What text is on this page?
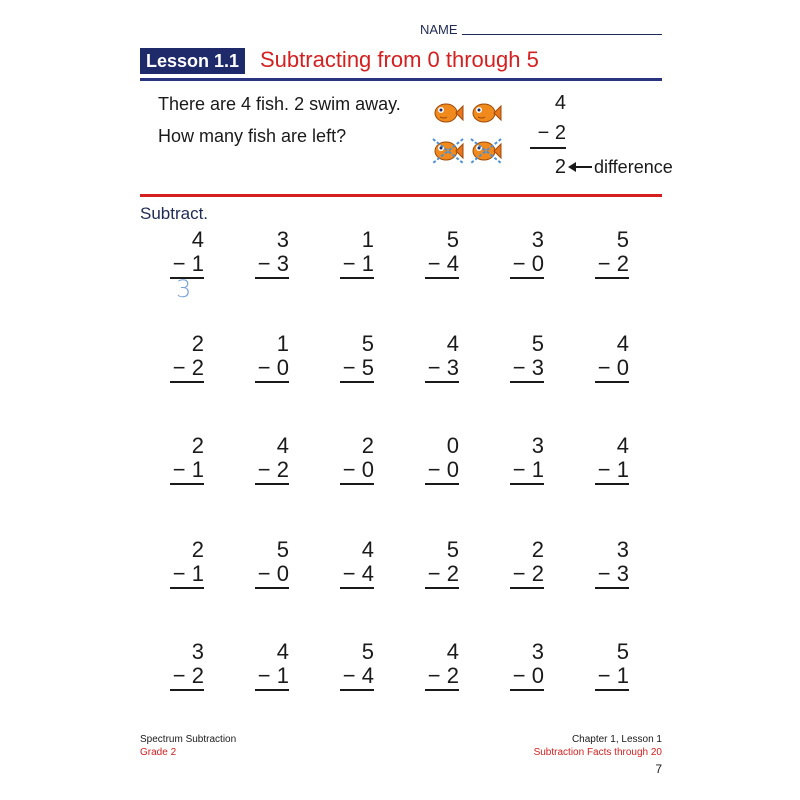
NAME
Lesson 1.1 Subtracting from 0 through 5
There are 4 fish. 2 swim away.
How many fish are left?
4
− 2
2 difference
Subtract.
4
− 1
3
− 3
1
− 1
5
− 4
3
− 0
5
− 2
2
− 2
1
− 0
5
− 5
4
− 3
5
− 3
4
− 0
2
− 1
4
− 2
2
− 0
0
− 0
3
− 1
4
− 1
2
− 1
5
− 0
4
− 4
5
− 2
2
− 2
3
− 3
3
− 2
4
− 1
5
− 4
4
− 2
3
− 0
5
− 1
3
Spectrum Subtraction
Grade 2
Chapter 1, Lesson 1
Subtraction Facts through 20
7
